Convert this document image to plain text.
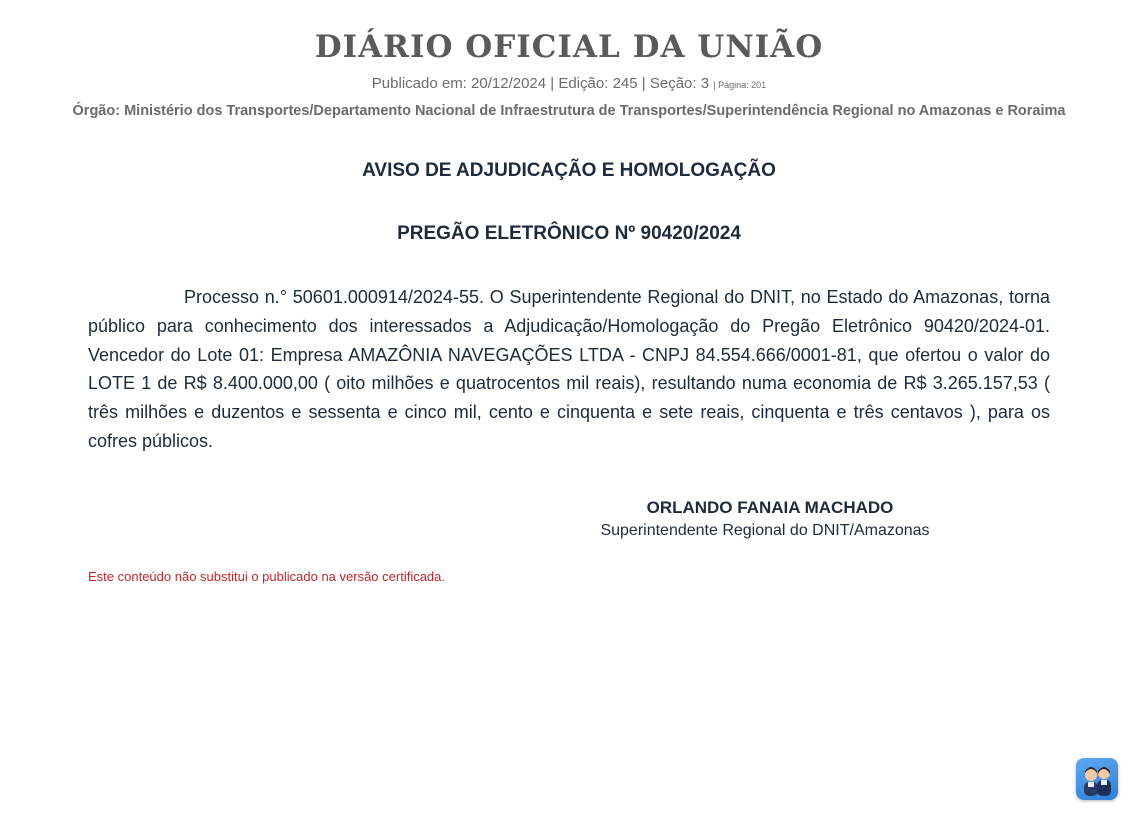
DIÁRIO OFICIAL DA UNIÃO
Publicado em: 20/12/2024 | Edição: 245 | Seção: 3 | Página: 201
Órgão: Ministério dos Transportes/Departamento Nacional de Infraestrutura de Transportes/Superintendência Regional no Amazonas e Roraima
AVISO DE ADJUDICAÇÃO E HOMOLOGAÇÃO
PREGÃO ELETRÔNICO Nº 90420/2024

Processo n.° 50601.000914/2024-55. O Superintendente Regional do DNIT, no Estado do Amazonas, torna público para conhecimento dos interessados a Adjudicação/Homologação do Pregão Eletrônico 90420/2024-01. Vencedor do Lote 01: Empresa AMAZÔNIA NAVEGAÇÕES LTDA - CNPJ 84.554.666/0001-81, que ofertou o valor do LOTE 1 de R$ 8.400.000,00 ( oito milhões e quatrocentos mil reais), resultando numa economia de R$ 3.265.157,53 ( três milhões e duzentos e sessenta e cinco mil, cento e cinquenta e sete reais, cinquenta e três centavos ), para os cofres públicos.

ORLANDO FANAIA MACHADO
Superintendente Regional do DNIT/Amazonas
Este conteúdo não substitui o publicado na versão certificada.
